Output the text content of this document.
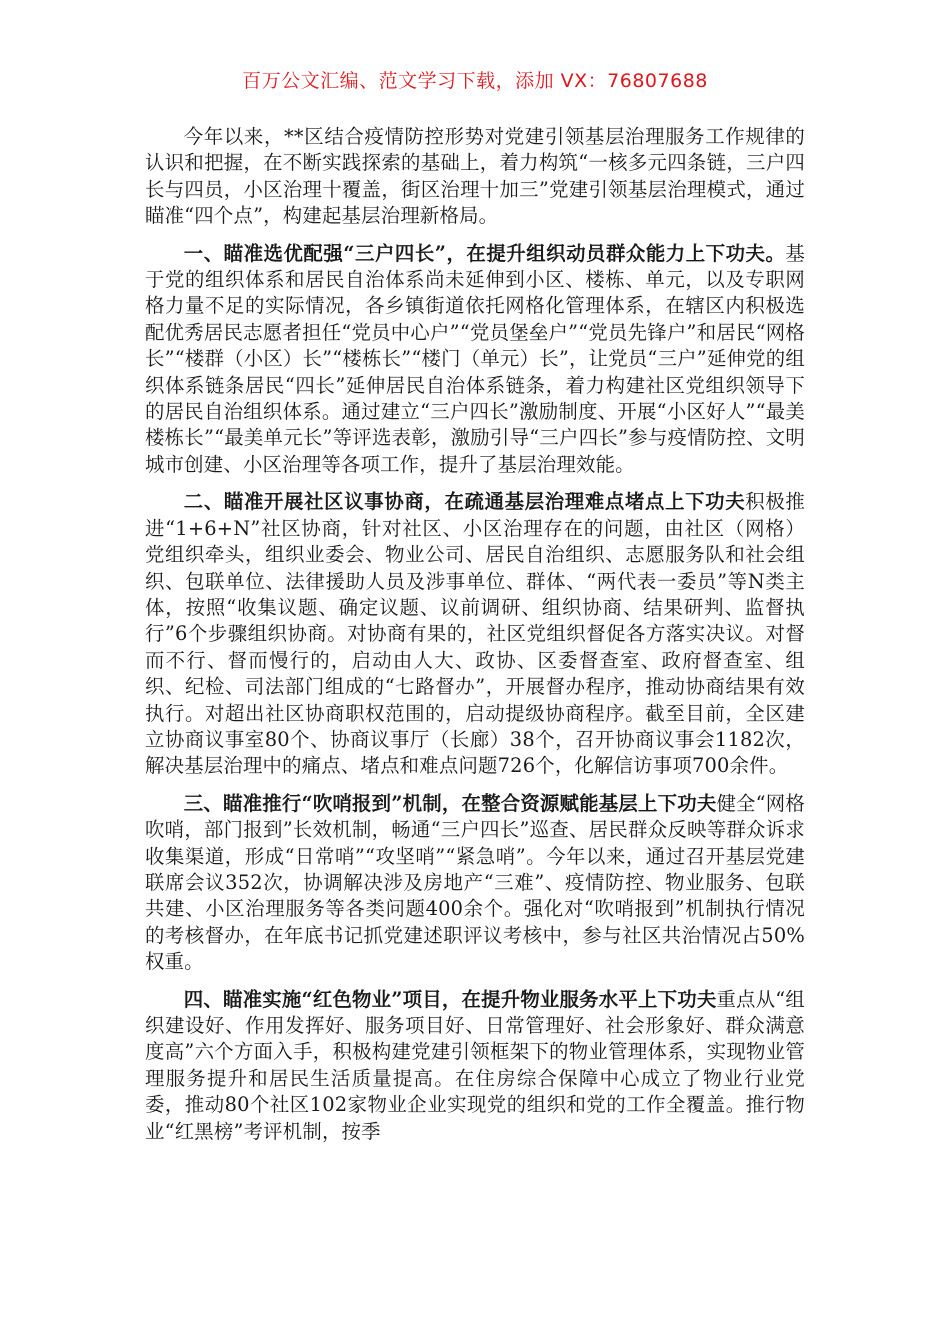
百万公文汇编、范文学习下载，添加 VX：76807688

今年以来，**区结合疫情防控形势对党建引领基层治理服务工作规律的认识和把握，在不断实践探索的基础上，着力构筑“一核多元四条链，三户四长与四员，小区治理十覆盖，街区治理十加三”党建引领基层治理模式，通过瞄准“四个点”，构建起基层治理新格局。

一、瞄准选优配强“三户四长”，在提升组织动员群众能力上下功夫。基于党的组织体系和居民自治体系尚未延伸到小区、楼栋、单元，以及专职网格力量不足的实际情况，各乡镇街道依托网格化管理体系，在辖区内积极选配优秀居民志愿者担任“党员中心户”“党员堡垒户”“党员先锋户”和居民“网格长”“楼群（小区）长”“楼栋长”“楼门（单元）长”，让党员“三户”延伸党的组织体系链条居民“四长”延伸居民自治体系链条，着力构建社区党组织领导下的居民自治组织体系。通过建立“三户四长”激励制度、开展“小区好人”“最美楼栋长”“最美单元长”等评选表彰，激励引导“三户四长”参与疫情防控、文明城市创建、小区治理等各项工作，提升了基层治理效能。

二、瞄准开展社区议事协商，在疏通基层治理难点堵点上下功夫积极推进“1+6+N”社区协商，针对社区、小区治理存在的问题，由社区（网格）党组织牵头，组织业委会、物业公司、居民自治组织、志愿服务队和社会组织、包联单位、法律援助人员及涉事单位、群体、“两代表一委员”等N类主体，按照“收集议题、确定议题、议前调研、组织协商、结果研判、监督执行”6个步骤组织协商。对协商有果的，社区党组织督促各方落实决议。对督而不行、督而慢行的，启动由人大、政协、区委督查室、政府督查室、组织、纪检、司法部门组成的“七路督办”，开展督办程序，推动协商结果有效执行。对超出社区协商职权范围的，启动提级协商程序。截至目前，全区建立协商议事室80个、协商议事厅（长廊）38个，召开协商议事会1182次，解决基层治理中的痛点、堵点和难点问题726个，化解信访事项700余件。

三、瞄准推行“吹哨报到”机制，在整合资源赋能基层上下功夫健全“网格吹哨，部门报到”长效机制，畅通“三户四长”巡查、居民群众反映等群众诉求收集渠道，形成“日常哨”“攻坚哨”“紧急哨”。今年以来，通过召开基层党建联席会议352次，协调解决涉及房地产“三难”、疫情防控、物业服务、包联共建、小区治理服务等各类问题400余个。强化对“吹哨报到”机制执行情况的考核督办，在年底书记抓党建述职评议考核中，参与社区共治情况占50%权重。

四、瞄准实施“红色物业”项目，在提升物业服务水平上下功夫重点从“组织建设好、作用发挥好、服务项目好、日常管理好、社会形象好、群众满意度高”六个方面入手，积极构建党建引领框架下的物业管理体系，实现物业管理服务提升和居民生活质量提高。在住房综合保障中心成立了物业行业党委，推动80个社区102家物业企业实现党的组织和党的工作全覆盖。推行物业“红黑榜”考评机制，按季
